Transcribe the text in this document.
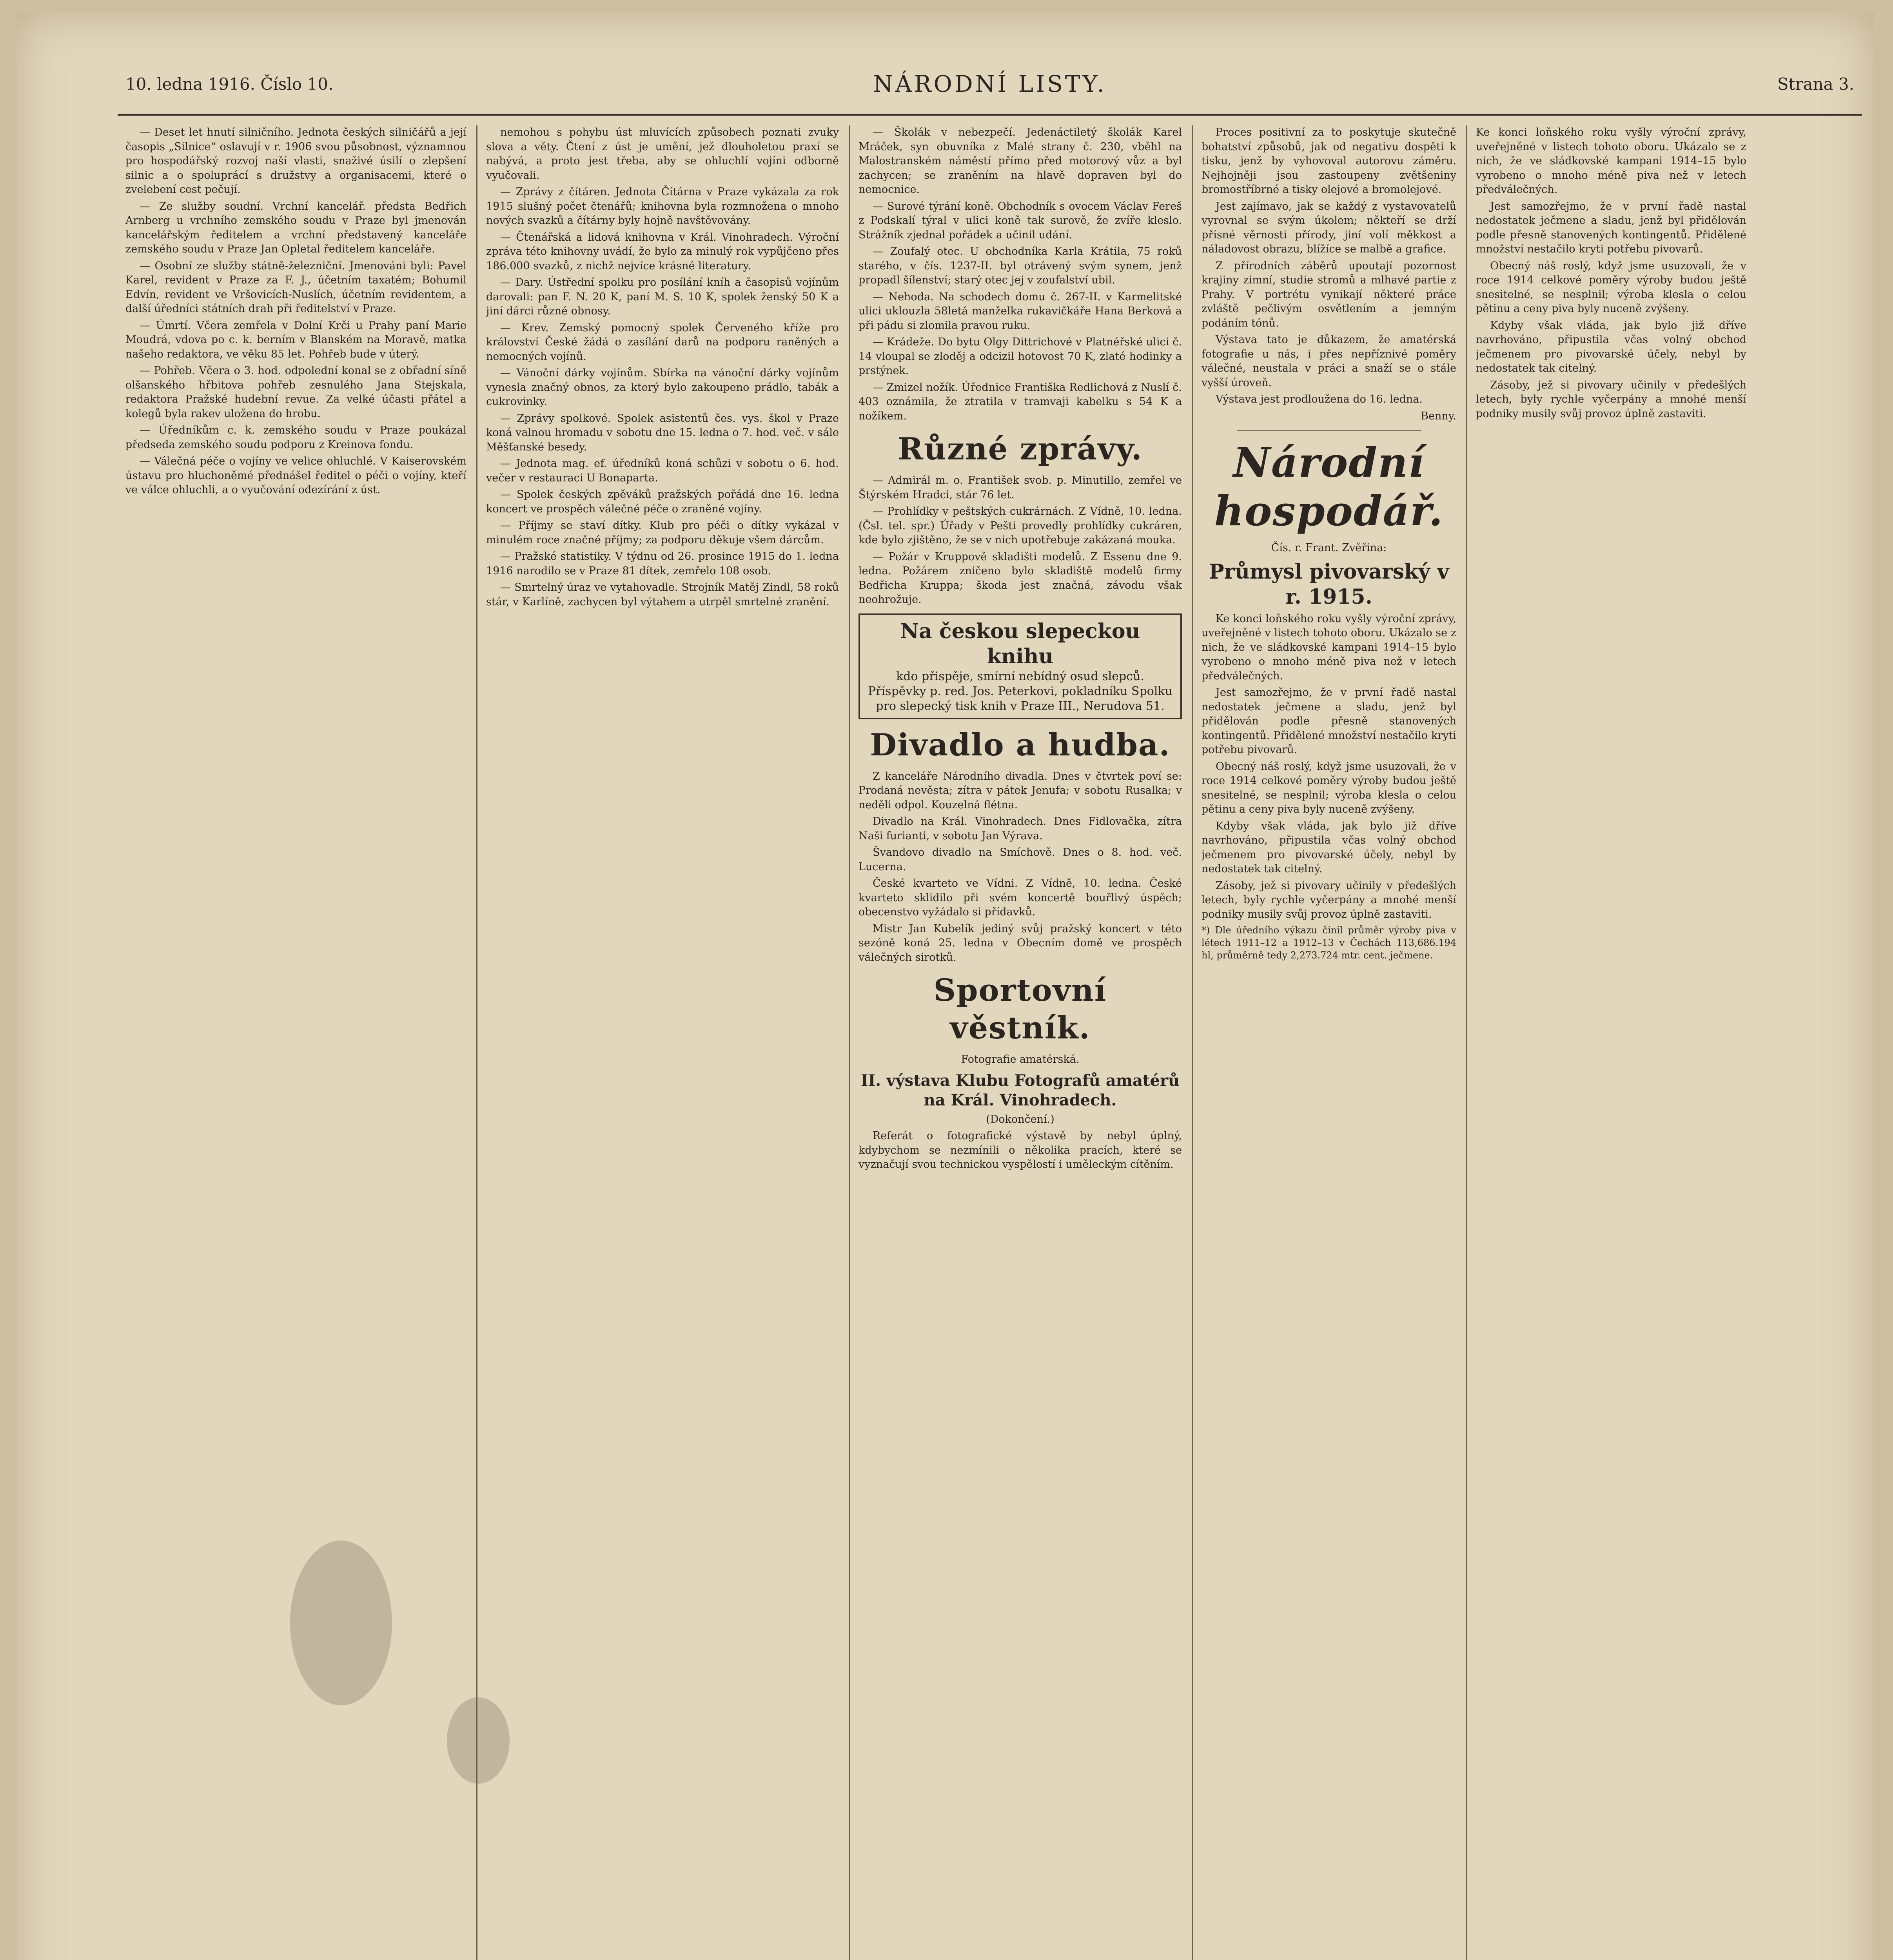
10. ledna 1916. Číslo 10.	NÁRODNÍ LISTY.	Strana 3.

— Deset let hnutí silničního. Jednota českých silničářů a její časopis „Silnice“ oslavují v r. 1906 svou působnost, významnou pro hospodářský rozvoj naší vlasti, snaživé úsilí o zlepšení silnic a o spoluprácí s družstvy a organisacemi, které o zvelebení cest pečují.

— Ze služby soudní. Vrchní kancelář. předsta Bedřich Arnberg u vrchního zemského soudu v Praze byl jmenován kancelářským ředitelem a vrchní představený kanceláře zemského soudu v Praze Jan Opletal ředitelem kanceláře.

— Osobní ze služby státně-železniční. Jmenováni byli: Pavel Karel, revident v Praze za F. J., účetním taxatém; Bohumil Edvín, revident ve Vršovicích-Nuslích, účetním revidentem, a další úředníci státních drah při ředitelství v Praze.

— Úmrtí. Včera zemřela v Dolní Krči u Prahy paní Marie Moudrá, vdova po c. k. berním v Blanském na Moravě, matka našeho redaktora, ve věku 85 let. Pohřeb bude v úterý.

— Pohřeb. Včera o 3. hod. odpolední konal se z obřadní síně olšanského hřbitova pohřeb zesnulého Jana Stejskala, redaktora Pražské hudební revue. Za velké účasti přátel a kolegů byla rakev uložena do hrobu.

— Úředníkům c. k. zemského soudu v Praze poukázal předseda zemského soudu podporu z Kreinova fondu.

— Válečná péče o vojíny ve velice ohluchlé. V Kaiserovském ústavu pro hluchoněmé přednášel ředitel o péči o vojíny, kteří ve válce ohluchli, a o vyučování odezírání z úst.

nemohou s pohybu úst mluvících způsobech poznati zvuky slova a věty. Čtení z úst je umění, jež dlouholetou praxí se nabývá, a proto jest třeba, aby se ohluchlí vojíni odborně vyučovali.

— Zprávy z čítáren. Jednota Čítárna v Praze vykázala za rok 1915 slušný počet čtenářů; knihovna byla rozmnožena o mnoho nových svazků a čítárny byly hojně navštěvovány.

— Čtenářská a lidová knihovna v Král. Vinohradech. Výroční zpráva této knihovny uvádí, že bylo za minulý rok vypůjčeno přes 186.000 svazků, z nichž nejvíce krásné literatury.

— Dary. Ústřední spolku pro posílání kníh a časopisů vojínům darovali: pan F. N. 20 K, paní M. S. 10 K, spolek ženský 50 K a jiní dárci různé obnosy.

— Krev. Zemský pomocný spolek Červeného kříže pro království České žádá o zasílání darů na podporu raněných a nemocných vojínů.

— Vánoční dárky vojínům. Sbírka na vánoční dárky vojínům vynesla značný obnos, za který bylo zakoupeno prádlo, tabák a cukrovinky.

— Zprávy spolkové. Spolek asistentů čes. vys. škol v Praze koná valnou hromadu v sobotu dne 15. ledna o 7. hod. več. v sále Měšťanské besedy.

— Jednota mag. ef. úředníků koná schůzi v sobotu o 6. hod. večer v restauraci U Bonaparta.

— Spolek českých zpěváků pražských pořádá dne 16. ledna koncert ve prospěch válečné péče o zraněné vojíny.

— Příjmy se staví dítky. Klub pro péči o dítky vykázal v minulém roce značné příjmy; za podporu děkuje všem dárcům.

— Pražské statistiky. V týdnu od 26. prosince 1915 do 1. ledna 1916 narodilo se v Praze 81 dítek, zemřelo 108 osob.

— Smrtelný úraz ve vytahovadle. Strojník Matěj Zindl, 58 roků stár, v Karlíně, zachycen byl výtahem a utrpěl smrtelné zranění.

— Školák v nebezpečí. Jedenáctiletý školák Karel Mráček, syn obuvníka z Malé strany č. 230, vběhl na Malostranském náměstí přímo před motorový vůz a byl zachycen; se zraněním na hlavě dopraven byl do nemocnice.

— Surové týrání koně. Obchodník s ovocem Václav Fereš z Podskalí týral v ulici koně tak surově, že zvíře kleslo. Strážník zjednal pořádek a učinil udání.

— Zoufalý otec. U obchodníka Karla Krátila, 75 roků starého, v čís. 1237-II. byl otrávený svým synem, jenž propadl šílenství; starý otec jej v zoufalství ubil.

— Nehoda. Na schodech domu č. 267-II. v Karmelitské ulici uklouzla 58letá manželka rukavičkáře Hana Berková a při pádu si zlomila pravou ruku.

— Krádeže. Do bytu Olgy Dittrichové v Platnéřské ulici č. 14 vloupal se zloděj a odcizil hotovost 70 K, zlaté hodinky a prstýnek.

— Zmizel nožík. Úřednice Františka Redlichová z Nuslí č. 403 oznámila, že ztratila v tramvaji kabelku s 54 K a nožíkem.

Různé zprávy.

— Admirál m. o. František svob. p. Minutillo, zemřel ve Štýrském Hradci, stár 76 let.

— Prohlídky v peštských cukrárnách. Z Vídně, 10. ledna. (Čsl. tel. spr.) Úřady v Pešti provedly prohlídky cukráren, kde bylo zjištěno, že se v nich upotřebuje zakázaná mouka.

— Požár v Kruppově skladišti modelů. Z Essenu dne 9. ledna. Požárem zničeno bylo skladiště modelů firmy Bedřicha Kruppa; škoda jest značná, závodu však neohrožuje.

Na českou slepeckou knihu
kdo přispěje, smírní nebídný osud slepců. Příspěvky p. red. Jos. Peterkovi, pokladníku Spolku pro slepecký tisk knih v Praze III., Nerudova 51.
Divadlo a hudba.

Z kanceláře Národního divadla. Dnes v čtvrtek poví se: Prodaná nevěsta; zítra v pátek Jenufa; v sobotu Rusalka; v neděli odpol. Kouzelná flétna.

Divadlo na Král. Vinohradech. Dnes Fidlovačka, zítra Naši furianti, v sobotu Jan Výrava.

Švandovo divadlo na Smíchově. Dnes o 8. hod. več. Lucerna.

České kvarteto ve Vídni. Z Vídně, 10. ledna. České kvarteto sklidilo při svém koncertě bouřlivý úspěch; obecenstvo vyžádalo si přídavků.

Mistr Jan Kubelík jediný svůj pražský koncert v této sezóně koná 25. ledna v Obecním domě ve prospěch válečných sirotků.

Sportovní věstník.
Fotografie amatérská.
II. výstava Klubu Fotografů amatérů na Král. Vinohradech.
(Dokončení.)

Referát o fotografické výstavě by nebyl úplný, kdybychom se nezmínili o několika pracích, které se vyznačují svou technickou vyspělostí i uměleckým cítěním.

Proces positivní za to poskytuje skutečně bohatství způsobů, jak od negativu dospěti k tisku, jenž by vyhovoval autorovu záměru. Nejhojněji jsou zastoupeny zvětšeniny bromostříbrné a tisky olejové a bromolejové.

Jest zajímavo, jak se každý z vystavovatelů vyrovnal se svým úkolem; někteří se drží přísné věrnosti přírody, jiní volí měkkost a náladovost obrazu, blížíce se malbě a grafice.

Z přírodních záběrů upoutají pozornost krajiny zimní, studie stromů a mlhavé partie z Prahy. V portrétu vynikají některé práce zvláště pečlivým osvětlením a jemným podáním tónů.

Výstava tato je důkazem, že amatérská fotografie u nás, i přes nepříznivé poměry válečné, neustala v práci a snaží se o stále vyšší úroveň.

Výstava jest prodloužena do 16. ledna.

Benny.
Národní hospodář.
Čís. r. Frant. Zvěřina:
Průmysl pivovarský v r. 1915.

Ke konci loňského roku vyšly výroční zprávy, uveřejněné v listech tohoto oboru. Ukázalo se z nich, že ve sládkovské kampani 1914–15 bylo vyrobeno o mnoho méně piva než v letech předválečných.

Jest samozřejmo, že v první řadě nastal nedostatek ječmene a sladu, jenž byl přidělován podle přesně stanovených kontingentů. Přidělené množství nestačilo kryti potřebu pivovarů.

Obecný náš roslý, když jsme usuzovali, že v roce 1914 celkové poměry výroby budou ještě snesitelné, se nesplnil; výroba klesla o celou pětinu a ceny piva byly nuceně zvýšeny.

Kdyby však vláda, jak bylo již dříve navrhováno, připustila včas volný obchod ječmenem pro pivovarské účely, nebyl by nedostatek tak citelný.

Zásoby, jež si pivovary učinily v předešlých letech, byly rychle vyčerpány a mnohé menší podniky musily svůj provoz úplně zastaviti.

*) Dle úředního výkazu činil průměr výroby piva v létech 1911–12 a 1912–13 v Čechách 113,686.194 hl, průměrně tedy 2,273.724 mtr. cent. ječmene.

Ke konci loňského roku vyšly výroční zprávy, uveřejněné v listech tohoto oboru. Ukázalo se z nich, že ve sládkovské kampani 1914–15 bylo vyrobeno o mnoho méně piva než v letech předválečných.

Jest samozřejmo, že v první řadě nastal nedostatek ječmene a sladu, jenž byl přidělován podle přesně stanovených kontingentů. Přidělené množství nestačilo kryti potřebu pivovarů.

Obecný náš roslý, když jsme usuzovali, že v roce 1914 celkové poměry výroby budou ještě snesitelné, se nesplnil; výroba klesla o celou pětinu a ceny piva byly nuceně zvýšeny.

Kdyby však vláda, jak bylo již dříve navrhováno, připustila včas volný obchod ječmenem pro pivovarské účely, nebyl by nedostatek tak citelný.

Zásoby, jež si pivovary učinily v předešlých letech, byly rychle vyčerpány a mnohé menší podniky musily svůj provoz úplně zastaviti.
